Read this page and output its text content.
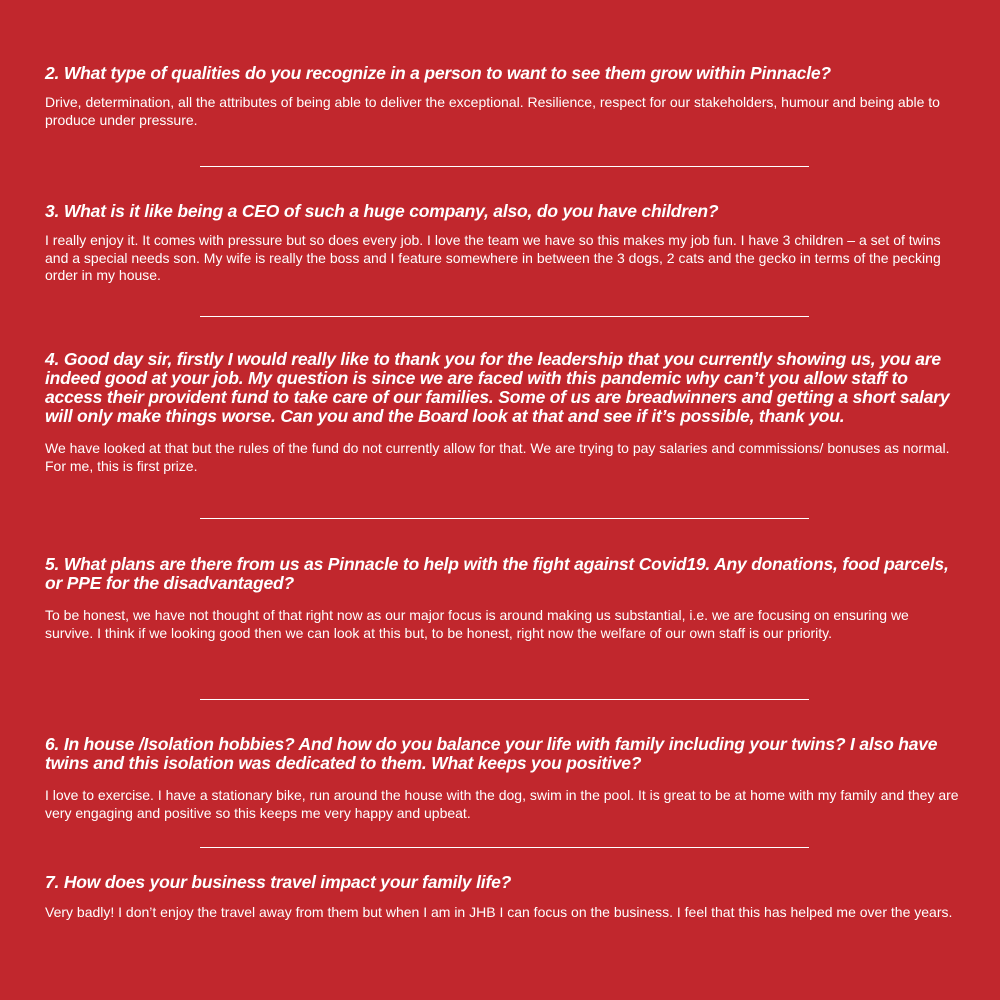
2. What type of qualities do you recognize in a person to want to see them grow within Pinnacle?

Drive, determination, all the attributes of being able to deliver the exceptional. Resilience, respect for our stakeholders, humour and being able to produce under pressure.

3. What is it like being a CEO of such a huge company, also, do you have children?

I really enjoy it. It comes with pressure but so does every job. I love the team we have so this makes my job fun. I have 3 children – a set of twins and a special needs son. My wife is really the boss and I feature somewhere in between the 3 dogs, 2 cats and the gecko in terms of the pecking order in my house.

4. Good day sir, firstly I would really like to thank you for the leadership that you currently showing us, you are indeed good at your job. My question is since we are faced with this pandemic why can’t you allow staff to access their provident fund to take care of our families. Some of us are breadwinners and getting a short salary will only make things worse. Can you and the Board look at that and see if it’s possible, thank you.

We have looked at that but the rules of the fund do not currently allow for that. We are trying to pay salaries and commissions/ bonuses as normal. For me, this is first prize.

5. What plans are there from us as Pinnacle to help with the fight against Covid19. Any donations, food parcels, or PPE for the disadvantaged?

To be honest, we have not thought of that right now as our major focus is around making us substantial, i.e. we are focusing on ensuring we survive. I think if we looking good then we can look at this but, to be honest, right now the welfare of our own staff is our priority.

6. In house /Isolation hobbies? And how do you balance your life with family including your twins? I also have twins and this isolation was dedicated to them. What keeps you positive?

I love to exercise. I have a stationary bike, run around the house with the dog, swim in the pool. It is great to be at home with my family and they are very engaging and positive so this keeps me very happy and upbeat.

7. How does your business travel impact your family life?

Very badly! I don’t enjoy the travel away from them but when I am in JHB I can focus on the business. I feel that this has helped me over the years.
